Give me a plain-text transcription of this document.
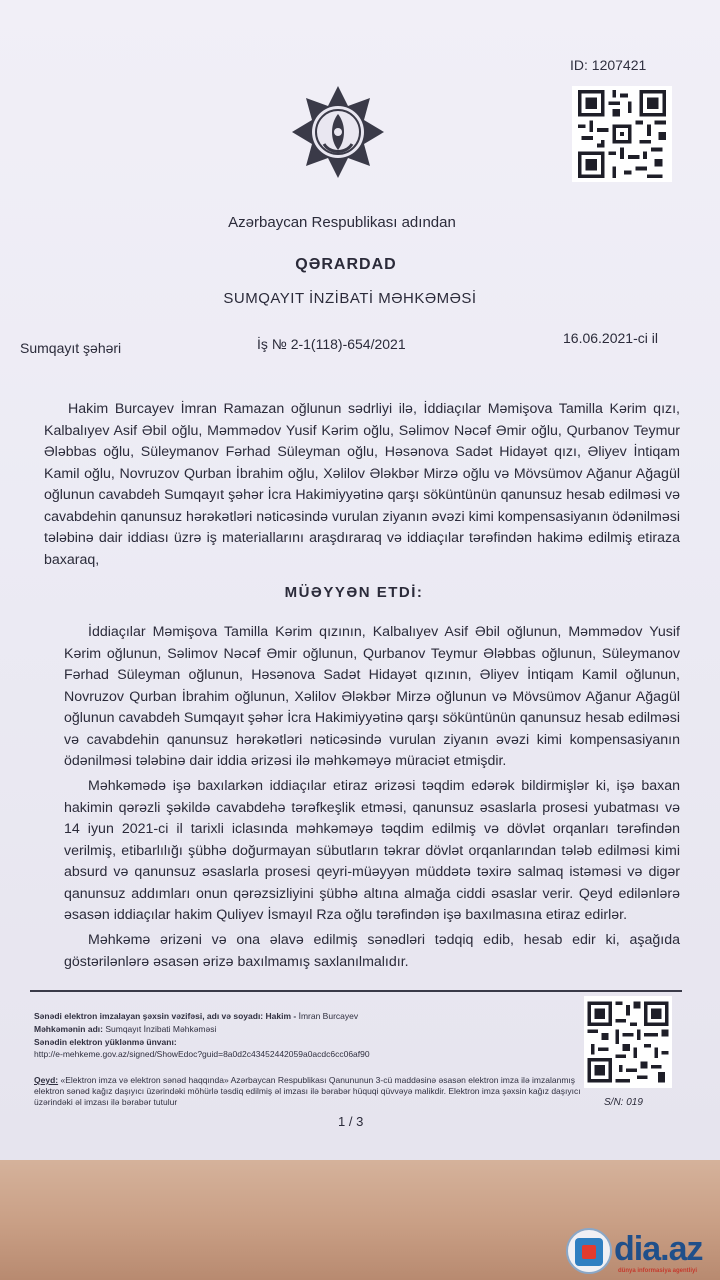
ID: 1207421
Azərbaycan Respublikası adından
QƏRARDAD
SUMQAYIT İNZİBATİ MƏHKƏMƏSİ
Sumqayıt şəhəri	İş № 2-1(118)-654/2021	16.06.2021-ci il
Hakim Burcayev İmran Ramazan oğlunun sədrliyi ilə, İddiaçılar Məmişova Tamilla Kərim qızı, Kalbalıyev Asif Əbil oğlu, Məmmədov Yusif Kərim oğlu, Səlimov Nəcəf Əmir oğlu, Qurbanov Teymur Ələbbas oğlu, Süleymanov Fərhad Süleyman oğlu, Həsənova Sadət Hidayət qızı, Əliyev İntiqam Kamil oğlu, Novruzov Qurban İbrahim oğlu, Xəlilov Ələkbər Mirzə oğlu və Mövsümov Ağanur Ağagül oğlunun cavabdeh Sumqayıt şəhər İcra Hakimiyyətinə qarşı söküntünün qanunsuz hesab edilməsi və cavabdehin qanunsuz hərəkətləri nəticəsində vurulan ziyanın əvəzi kimi kompensasiyanın ödənilməsi tələbinə dair iddiası üzrə iş materiallarını araşdıraraq və iddiaçılar tərəfindən hakimə edilmiş etiraza baxaraq,
MÜƏYYƏN ETDİ:
İddiaçılar Məmişova Tamilla Kərim qızının, Kalbalıyev Asif Əbil oğlunun, Məmmədov Yusif Kərim oğlunun, Səlimov Nəcəf Əmir oğlunun, Qurbanov Teymur Ələbbas oğlunun, Süleymanov Fərhad Süleyman oğlunun, Həsənova Sadət Hidayət qızının, Əliyev İntiqam Kamil oğlunun, Novruzov Qurban İbrahim oğlunun, Xəlilov Ələkbər Mirzə oğlunun və Mövsümov Ağanur Ağagül oğlunun cavabdeh Sumqayıt şəhər İcra Hakimiyyətinə qarşı söküntünün qanunsuz hesab edilməsi və cavabdehin qanunsuz hərəkətləri nəticəsində vurulan ziyanın əvəzi kimi kompensasiyanın ödənilməsi tələbinə dair iddia ərizəsi ilə məhkəməyə müraciət etmişdir.
Məhkəmədə işə baxılarkən iddiaçılar etiraz ərizəsi təqdim edərək bildirmişlər ki, işə baxan hakimin qərəzli şəkildə cavabdehə tərəfkeşlik etməsi, qanunsuz əsaslarla prosesi yubatması və 14 iyun 2021-ci il tarixli iclasında məhkəməyə təqdim edilmiş və dövlət orqanları tərəfindən verilmiş, etibarlılığı şübhə doğurmayan sübutların təkrar dövlət orqanlarından tələb edilməsi kimi absurd və qanunsuz əsaslarla prosesi qeyri-müəyyən müddətə təxirə salmaq istəməsi və digər qanunsuz addımları onun qərəzsizliyini şübhə altına almağa ciddi əsaslar verir. Qeyd edilənlərə əsasən iddiaçılar hakim Quliyev İsmayıl Rza oğlu tərəfindən işə baxılmasına etiraz edirlər.
Məhkəmə ərizəni və ona əlavə edilmiş sənədləri tədqiq edib, hesab edir ki, aşağıda göstərilənlərə əsasən ərizə baxılmamış saxlanılmalıdır.
Sənədi elektron imzalayan şəxsin vəzifəsi, adı və soyadı: Hakim - İmran Burcayev
Məhkəmənin adı: Sumqayıt İnzibati Məhkəməsi
Sənədin elektron yüklənmə ünvanı:
http://e-mehkeme.gov.az/signed/ShowEdoc?guid=8a0d2c43452442059a0acdc6cc06af90
Qeyd: «Elektron imza və elektron sənəd haqqında» Azərbaycan Respublikası Qanununun 3-cü maddəsinə əsasən elektron imza ilə imzalanmış elektron sənəd kağız daşıyıcı üzərindəki möhürlə təsdiq edilmiş əl imzası ilə bərabər hüquqi qüvvəyə malikdir. Elektron imza şəxsin kağız daşıyıcı üzərindəki əl imzası ilə bərabər tutulur	S/N: 019
1 / 3
dia.az
dünya informasiya agentliyi
